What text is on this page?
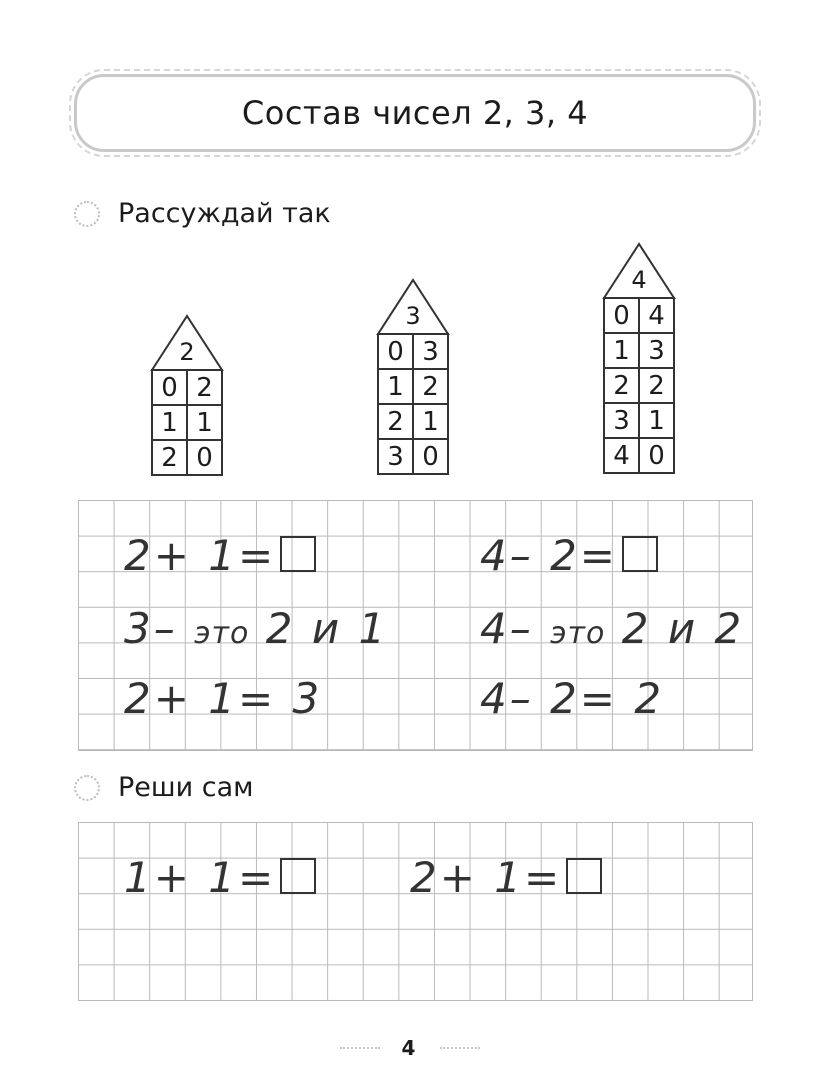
Состав чисел 2, 3, 4
Рассуждай так
2
0 2
1 1
2 0
3
0 3
1 2
2 1
3 0
4
0 4
1 3
2 2
3 1
4 0
2+ 1=
3– это 2 и 1
2+ 1= 3
4– 2=
4– это 2 и 2
4– 2= 2
Реши сам
1+ 1=	2+ 1=
4
